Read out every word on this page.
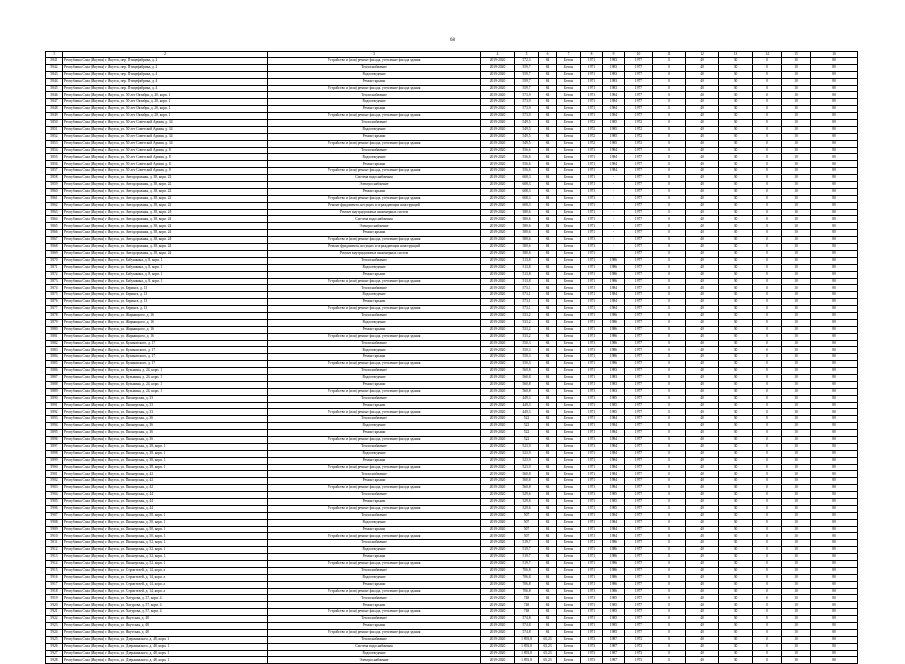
68
1	2	3	4	5	6	7	8	9	10	11	12	13	14	15	16
5841	Республика Саха (Якутия) г. Якутск, пер. Птицефабрика, д. 2	Устройство и (или) ремонт фасада, утепление фасада здания	2019-2020	572,3	84	Бетон	1971	1983	1977	0	40	30	0	10	80
5842	Республика Саха (Якутия) г. Якутск, пер. Птицефабрика, д. 2	Теплоснабжение	2019-2020	559,7	84	Бетон	1971	1983	1977	0	40	30	0	10	80
5843	Республика Саха (Якутия) г. Якутск, пер. Птицефабрика, д. 4	Водоотведение	2019-2020	559,7	84	Бетон	1971	1983	1977	0	40	30	0	10	80
5844	Республика Саха (Якутия) г. Якутск, пер. Птицефабрика, д. 4	Ремонт крыши	2019-2020	559,7	84	Бетон	1971	1983	1977	0	40	30	0	10	80
5845	Республика Саха (Якутия) г. Якутск, пер. Птицефабрика, д. 4	Устройство и (или) ремонт фасада, утепление фасада здания	2019-2020	559,7	84	Бетон	1971	1983	1977	0	40	30	0	10	80
5846	Республика Саха (Якутия) г. Якутск, ул. 50 лет Октября, д. 20, корп. 1	Теплоснабжение	2019-2020	573,9	84	Бетон	1971	1984	1977	0	40	30	0	10	80
5847	Республика Саха (Якутия) г. Якутск, ул. 50 лет Октября, д. 20, корп. 1	Водоотведение	2019-2020	573,9	84	Бетон	1971	1984	1977	0	40	30	0	10	80
5848	Республика Саха (Якутия) г. Якутск, ул. 50 лет Октября, д. 20, корп. 1	Ремонт крыши	2019-2020	573,9	84	Бетон	1971	1984	1977	0	40	30	0	10	80
5849	Республика Саха (Якутия) г. Якутск, ул. 50 лет Октября, д. 20, корп. 1	Устройство и (или) ремонт фасада, утепление фасада здания	2019-2020	573,9	84	Бетон	1971	1984	1977	0	40	30	0	10	80
5850	Республика Саха (Якутия) г. Якутск, ул. 50 лет Советской Армии, д. 34	Теплоснабжение	2019-2020	549,5	84	Бетон	1972	1985	1972	0	40	30	0	10	80
5851	Республика Саха (Якутия) г. Якутск, ул. 50 лет Советской Армии, д. 34	Водоотведение	2019-2020	549,5	84	Бетон	1972	1985	1972	0	40	30	0	10	80
5852	Республика Саха (Якутия) г. Якутск, ул. 50 лет Советской Армии, д. 34	Ремонт крыши	2019-2020	549,5	84	Бетон	1972	1985	1972	0	40	30	0	10	80
5853	Республика Саха (Якутия) г. Якутск, ул. 50 лет Советской Армии, д. 34	Устройство и (или) ремонт фасада, утепление фасада здания	2019-2020	549,5	84	Бетон	1972	1985	1972	0	40	30	0	10	80
5854	Республика Саха (Якутия) г. Якутск, ул. 50 лет Советской Армии, д. 8	Теплоснабжение	2019-2020	556,6	84	Бетон	1971	1984	1977	0	40	30	0	10	80
5855	Республика Саха (Якутия) г. Якутск, ул. 50 лет Советской Армии, д. 8	Водоотведение	2019-2020	556,6	84	Бетон	1971	1984	1977	0	40	30	0	10	80
5856	Республика Саха (Якутия) г. Якутск, ул. 50 лет Советской Армии, д. 8	Ремонт крыши	2019-2020	556,6	84	Бетон	1971	1984	1977	0	40	30	0	10	80
5857	Республика Саха (Якутия) г. Якутск, ул. 50 лет Советской Армии, д. 8	Устройство и (или) ремонт фасада, утепление фасада здания	2019-2020	556,6	84	Бетон	1971	1984	1977	0	40	30	0	10	80
5858	Республика Саха (Якутия) г. Якутск, ул. Автодорожная, д. 38, корп. 22	Система водоснабжения	2019-2020	608,3	84	Бетон	1971	-	1977	0	40	30	0	10	80
5859	Республика Саха (Якутия) г. Якутск, ул. Автодорожная, д. 38, корп. 22	Электроснабжение	2019-2020	608,3	84	Бетон	1971	-	1977	0	40	30	0	10	80
5860	Республика Саха (Якутия) г. Якутск, ул. Автодорожная, д. 38, корп. 22	Ремонт крыши	2019-2020	608,3	84	Бетон	1971	-	1977	0	40	30	0	10	80
5861	Республика Саха (Якутия) г. Якутск, ул. Автодорожная, д. 38, корп. 22	Устройство и (или) ремонт фасада, утепление фасада здания	2019-2020	608,3	84	Бетон	1971	-	1977	0	40	30	0	10	80
5862	Республика Саха (Якутия) г. Якутск, ул. Автодорожная, д. 38, корп. 22	Ремонт фундамента, несущих и ограждающих конструкций	2019-2020	608,3	84	Бетон	1971	-	1977	0	40	30	0	10	80
5863	Республика Саха (Якутия) г. Якутск, ул. Автодорожная, д. 38, корп. 24	Ремонт внутридомовых инженерных систем	2019-2020	580,6	84	Бетон	1971	-	1977	0	40	30	0	10	80
5864	Республика Саха (Якутия) г. Якутск, ул. Автодорожная, д. 38, корп. 24	Система водоснабжения	2019-2020	580,6	84	Бетон	1971	-	1977	0	40	30	0	10	80
5865	Республика Саха (Якутия) г. Якутск, ул. Автодорожная, д. 38, корп. 24	Электроснабжение	2019-2020	580,6	84	Бетон	1971	-	1977	0	40	30	0	10	80
5866	Республика Саха (Якутия) г. Якутск, ул. Автодорожная, д. 38, корп. 24	Ремонт крыши	2019-2020	580,6	84	Бетон	1971	-	1977	0	40	30	0	10	80
5867	Республика Саха (Якутия) г. Якутск, ул. Автодорожная, д. 38, корп. 24	Устройство и (или) ремонт фасада, утепление фасада здания	2019-2020	580,6	84	Бетон	1971	-	1977	0	40	30	0	10	80
5868	Республика Саха (Якутия) г. Якутск, ул. Автодорожная, д. 38, корп. 24	Ремонт фундамента, несущих и ограждающих конструкций	2019-2020	580,6	84	Бетон	1971	-	1977	0	40	30	0	10	80
5869	Республика Саха (Якутия) г. Якутск, ул. Автодорожная, д. 38, корп. 24	Ремонт внутридомовых инженерных систем	2019-2020	580,6	84	Бетон	1971	-	1977	0	40	30	0	10	80
5870	Республика Саха (Якутия) г. Якутск, ул. Бабушкина, д. 8, корп. 1	Теплоснабжение	2019-2020	513,8	84	Бетон	1971	1986	1977	0	40	30	0	10	80
5871	Республика Саха (Якутия) г. Якутск, ул. Бабушкина, д. 8, корп. 1	Водоотведение	2019-2020	513,8	84	Бетон	1971	1986	1977	0	40	30	0	10	80
5872	Республика Саха (Якутия) г. Якутск, ул. Бабушкина, д. 8, корп. 1	Ремонт крыши	2019-2020	513,8	84	Бетон	1971	1986	1977	0	40	30	0	10	80
5873	Республика Саха (Якутия) г. Якутск, ул. Бабушкина, д. 8, корп. 1	Устройство и (или) ремонт фасада, утепление фасада здания	2019-2020	513,8	84	Бетон	1971	1986	1977	0	40	30	0	10	80
5874	Республика Саха (Якутия) г. Якутск, ул. Беринга, д. 13	Теплоснабжение	2019-2020	573,1	84	Бетон	1971	1984	1977	0	40	30	0	10	80
5875	Республика Саха (Якутия) г. Якутск, ул. Беринга, д. 13	Водоотведение	2019-2020	573,1	84	Бетон	1971	1984	1977	0	40	30	0	10	80
5876	Республика Саха (Якутия) г. Якутск, ул. Беринга, д. 13	Ремонт крыши	2019-2020	573,1	84	Бетон	1971	1984	1977	0	40	30	0	10	80
5877	Республика Саха (Якутия) г. Якутск, ул. Беринга, д. 13	Устройство и (или) ремонт фасада, утепление фасада здания	2019-2020	573,1	84	Бетон	1971	1984	1977	0	40	30	0	10	80
5878	Республика Саха (Якутия) г. Якутск, ул. Жорницкого, д. 16	Теплоснабжение	2019-2020	533,2	84	Бетон	1971	1986	1977	0	40	30	0	10	80
5879	Республика Саха (Якутия) г. Якутск, ул. Жорницкого, д. 16	Водоотведение	2019-2020	533,2	84	Бетон	1971	1986	1977	0	40	30	0	10	80
5880	Республика Саха (Якутия) г. Якутск, ул. Жорницкого, д. 16	Ремонт крыши	2019-2020	533,2	84	Бетон	1971	1986	1977	0	40	30	0	10	80
5881	Республика Саха (Якутия) г. Якутск, ул. Жорницкого, д. 16	Устройство и (или) ремонт фасада, утепление фасада здания	2019-2020	533,2	84	Бетон	1971	1986	1977	0	40	30	0	10	80
5882	Республика Саха (Якутия) г. Якутск, ул. Кулаковского, д. 17	Теплоснабжение	2019-2020	550,3	84	Бетон	1971	1986	1977	0	40	30	0	10	80
5883	Республика Саха (Якутия) г. Якутск, ул. Кулаковского, д. 17	Водоотведение	2019-2020	550,3	84	Бетон	1971	1986	1977	0	40	30	0	10	80
5884	Республика Саха (Якутия) г. Якутск, ул. Кулаковского, д. 17	Ремонт крыши	2019-2020	550,3	84	Бетон	1971	1986	1977	0	40	30	0	10	80
5885	Республика Саха (Якутия) г. Якутск, ул. Кулаковского, д. 17	Устройство и (или) ремонт фасада, утепление фасада здания	2019-2020	550,3	84	Бетон	1971	1986	1977	0	40	30	0	10	80
5886	Республика Саха (Якутия) г. Якутск, ул. Кузьмина, д. 24, корп. 1	Теплоснабжение	2019-2020	560,8	84	Бетон	1971	1983	1977	0	40	30	0	10	80
5887	Республика Саха (Якутия) г. Якутск, ул. Кузьмина, д. 24, корп. 1	Водоотведение	2019-2020	560,8	84	Бетон	1971	1983	1977	0	40	30	0	10	80
5888	Республика Саха (Якутия) г. Якутск, ул. Кузьмина, д. 24, корп. 1	Ремонт крыши	2019-2020	560,8	84	Бетон	1971	1983	1977	0	40	30	0	10	80
5889	Республика Саха (Якутия) г. Якутск, ул. Кузьмина, д. 24, корп. 1	Устройство и (или) ремонт фасада, утепление фасада здания	2019-2020	560,8	84	Бетон	1971	1983	1977	0	40	30	0	10	80
5890	Республика Саха (Якутия) г. Якутск, ул. Пионерская, д. 33	Теплоснабжение	2019-2020	449,3	84	Бетон	1971	1985	1977	0	40	30	0	10	80
5891	Республика Саха (Якутия) г. Якутск, ул. Пионерская, д. 33	Ремонт крыши	2019-2020	449,3	84	Бетон	1971	1985	1977	0	40	30	0	10	80
5892	Республика Саха (Якутия) г. Якутск, ул. Пионерская, д. 33	Устройство и (или) ремонт фасада, утепление фасада здания	2019-2020	449,3	84	Бетон	1971	1985	1977	0	40	30	0	10	80
5893	Республика Саха (Якутия) г. Якутск, ул. Пионерская, д. 36	Теплоснабжение	2019-2020	522	84	Бетон	1971	1984	1977	0	40	30	0	10	80
5894	Республика Саха (Якутия) г. Якутск, ул. Пионерская, д. 36	Водоотведение	2019-2020	522	84	Бетон	1971	1984	1977	0	40	30	0	10	80
5895	Республика Саха (Якутия) г. Якутск, ул. Пионерская, д. 36	Ремонт крыши	2019-2020	522	84	Бетон	1971	1984	1977	0	40	30	0	10	80
5896	Республика Саха (Якутия) г. Якутск, ул. Пионерская, д. 36	Устройство и (или) ремонт фасада, утепление фасада здания	2019-2020	522	84	Бетон	1971	1984	1977	0	40	30	0	10	80
5897	Республика Саха (Якутия) г. Якутск, ул. Пионерская, д. 38, корп. 1	Теплоснабжение	2019-2020	523,9	84	Бетон	1971	1984	1977	0	40	30	0	10	80
5898	Республика Саха (Якутия) г. Якутск, ул. Пионерская, д. 38, корп. 1	Водоотведение	2019-2020	523,9	84	Бетон	1971	1984	1977	0	40	30	0	10	80
5899	Республика Саха (Якутия) г. Якутск, ул. Пионерская, д. 38, корп. 1	Ремонт крыши	2019-2020	523,9	84	Бетон	1971	1984	1977	0	40	30	0	10	80
5900	Республика Саха (Якутия) г. Якутск, ул. Пионерская, д. 38, корп. 1	Устройство и (или) ремонт фасада, утепление фасада здания	2019-2020	523,9	84	Бетон	1971	1984	1977	0	40	30	0	10	80
5901	Республика Саха (Якутия) г. Якутск, ул. Пионерская, д. 42	Теплоснабжение	2019-2020	560,8	84	Бетон	1971	1984	1977	0	40	30	0	10	80
5902	Республика Саха (Якутия) г. Якутск, ул. Пионерская, д. 42	Ремонт крыши	2019-2020	560,8	84	Бетон	1971	1984	1977	0	40	30	0	10	80
5903	Республика Саха (Якутия) г. Якутск, ул. Пионерская, д. 42	Устройство и (или) ремонт фасада, утепление фасада здания	2019-2020	560,8	84	Бетон	1971	1984	1977	0	40	30	0	10	80
5904	Республика Саха (Якутия) г. Якутск, ул. Пионерская, д. 44	Теплоснабжение	2019-2020	529,6	84	Бетон	1971	1985	1977	0	40	30	0	10	80
5905	Республика Саха (Якутия) г. Якутск, ул. Пионерская, д. 44	Ремонт крыши	2019-2020	529,6	84	Бетон	1971	1985	1977	0	40	30	0	10	80
5906	Республика Саха (Якутия) г. Якутск, ул. Пионерская, д. 44	Устройство и (или) ремонт фасада, утепление фасада здания	2019-2020	529,6	84	Бетон	1971	1985	1977	0	40	30	0	10	80
5907	Республика Саха (Якутия) г. Якутск, ул. Пионерская, д. 50, корп. 1	Теплоснабжение	2019-2020	507	84	Бетон	1971	1984	1977	0	40	30	0	10	80
5908	Республика Саха (Якутия) г. Якутск, ул. Пионерская, д. 50, корп. 1	Водоотведение	2019-2020	507	84	Бетон	1971	1984	1977	0	40	30	0	10	80
5909	Республика Саха (Якутия) г. Якутск, ул. Пионерская, д. 50, корп. 1	Ремонт крыши	2019-2020	507	84	Бетон	1971	1984	1977	0	40	30	0	10	80
5910	Республика Саха (Якутия) г. Якутск, ул. Пионерская, д. 50, корп. 1	Устройство и (или) ремонт фасада, утепление фасада здания	2019-2020	507	84	Бетон	1971	1984	1977	0	40	30	0	10	80
5911	Республика Саха (Якутия) г. Якутск, ул. Пионерская, д. 52, корп. 1	Теплоснабжение	2019-2020	519,7	84	Бетон	1971	1986	1977	0	40	30	0	10	80
5912	Республика Саха (Якутия) г. Якутск, ул. Пионерская, д. 52, корп. 1	Водоотведение	2019-2020	519,7	84	Бетон	1971	1986	1977	0	40	30	0	10	80
5913	Республика Саха (Якутия) г. Якутск, ул. Пионерская, д. 52, корп. 1	Ремонт крыши	2019-2020	519,7	84	Бетон	1971	1986	1977	0	40	30	0	10	80
5914	Республика Саха (Якутия) г. Якутск, ул. Пионерская, д. 52, корп. 1	Устройство и (или) ремонт фасада, утепление фасада здания	2019-2020	519,7	84	Бетон	1971	1986	1977	0	40	30	0	10	80
5915	Республика Саха (Якутия) г. Якутск, ул. Строителей, д. 14, корп. а	Теплоснабжение	2019-2020	706,8	84	Бетон	1971	1986	1977	0	40	30	0	10	80
5916	Республика Саха (Якутия) г. Якутск, ул. Строителей, д. 14, корп. а	Водоотведение	2019-2020	706,8	84	Бетон	1971	1986	1977	0	40	30	0	10	80
5917	Республика Саха (Якутия) г. Якутск, ул. Строителей, д. 14, корп. а	Ремонт крыши	2019-2020	706,8	84	Бетон	1971	1986	1977	0	40	30	0	10	80
5918	Республика Саха (Якутия) г. Якутск, ул. Строителей, д. 14, корп. а	Устройство и (или) ремонт фасада, утепление фасада здания	2019-2020	706,8	84	Бетон	1971	1986	1977	0	40	30	0	10	80
5919	Республика Саха (Якутия) г. Якутск, ул. Хатурова, д. 57, корп. 4	Теплоснабжение	2019-2020	748	84	Бетон	1971	1985	1977	0	40	30	0	10	80
5920	Республика Саха (Якутия) г. Якутск, ул. Хатурова, д. 57, корп. 4	Ремонт крыши	2019-2020	748	84	Бетон	1971	1985	1977	0	40	30	0	10	80
5921	Республика Саха (Якутия) г. Якутск, ул. Хатурова, д. 57, корп. 4	Устройство и (или) ремонт фасада, утепление фасада здания	2019-2020	748	84	Бетон	1971	1985	1977	0	40	30	0	10	80
5922	Республика Саха (Якутия) г. Якутск, ул. Якутская, д. 48	Теплоснабжение	2019-2020	574,8	84	Бетон	1971	1985	1977	0	40	30	0	10	80
5923	Республика Саха (Якутия) г. Якутск, ул. Якутская, д. 48	Ремонт крыши	2019-2020	574,8	84	Бетон	1971	1985	1977	0	40	30	0	10	80
5924	Республика Саха (Якутия) г. Якутск, ул. Якутская, д. 48	Устройство и (или) ремонт фасада, утепление фасада здания	2019-2020	574,8	84	Бетон	1971	1985	1977	0	40	30	0	10	80
5925	Республика Саха (Якутия) г. Якутск, ул. Дзержинского, д. 48, корп. 1	Теплоснабжение	2019-2020	1 893,8	65,23	Бетон	1973	1987	1973	0	40	30	0	10	80
5926	Республика Саха (Якутия) г. Якутск, ул. Дзержинского, д. 48, корп. 1	Система водоснабжения	2019-2020	1 893,8	65,23	Бетон	1973	1987	1973	0	40	30	0	10	80
5927	Республика Саха (Якутия) г. Якутск, ул. Дзержинского, д. 48, корп. 1	Водоотведение	2019-2020	1 893,8	65,23	Бетон	1973	1987	1973	0	40	30	0	10	80
5928	Республика Саха (Якутия) г. Якутск, ул. Дзержинского, д. 48, корп. 1	Электроснабжение	2019-2020	1 893,8	65,23	Бетон	1973	1987	1973	0	40	30	0	10	80
